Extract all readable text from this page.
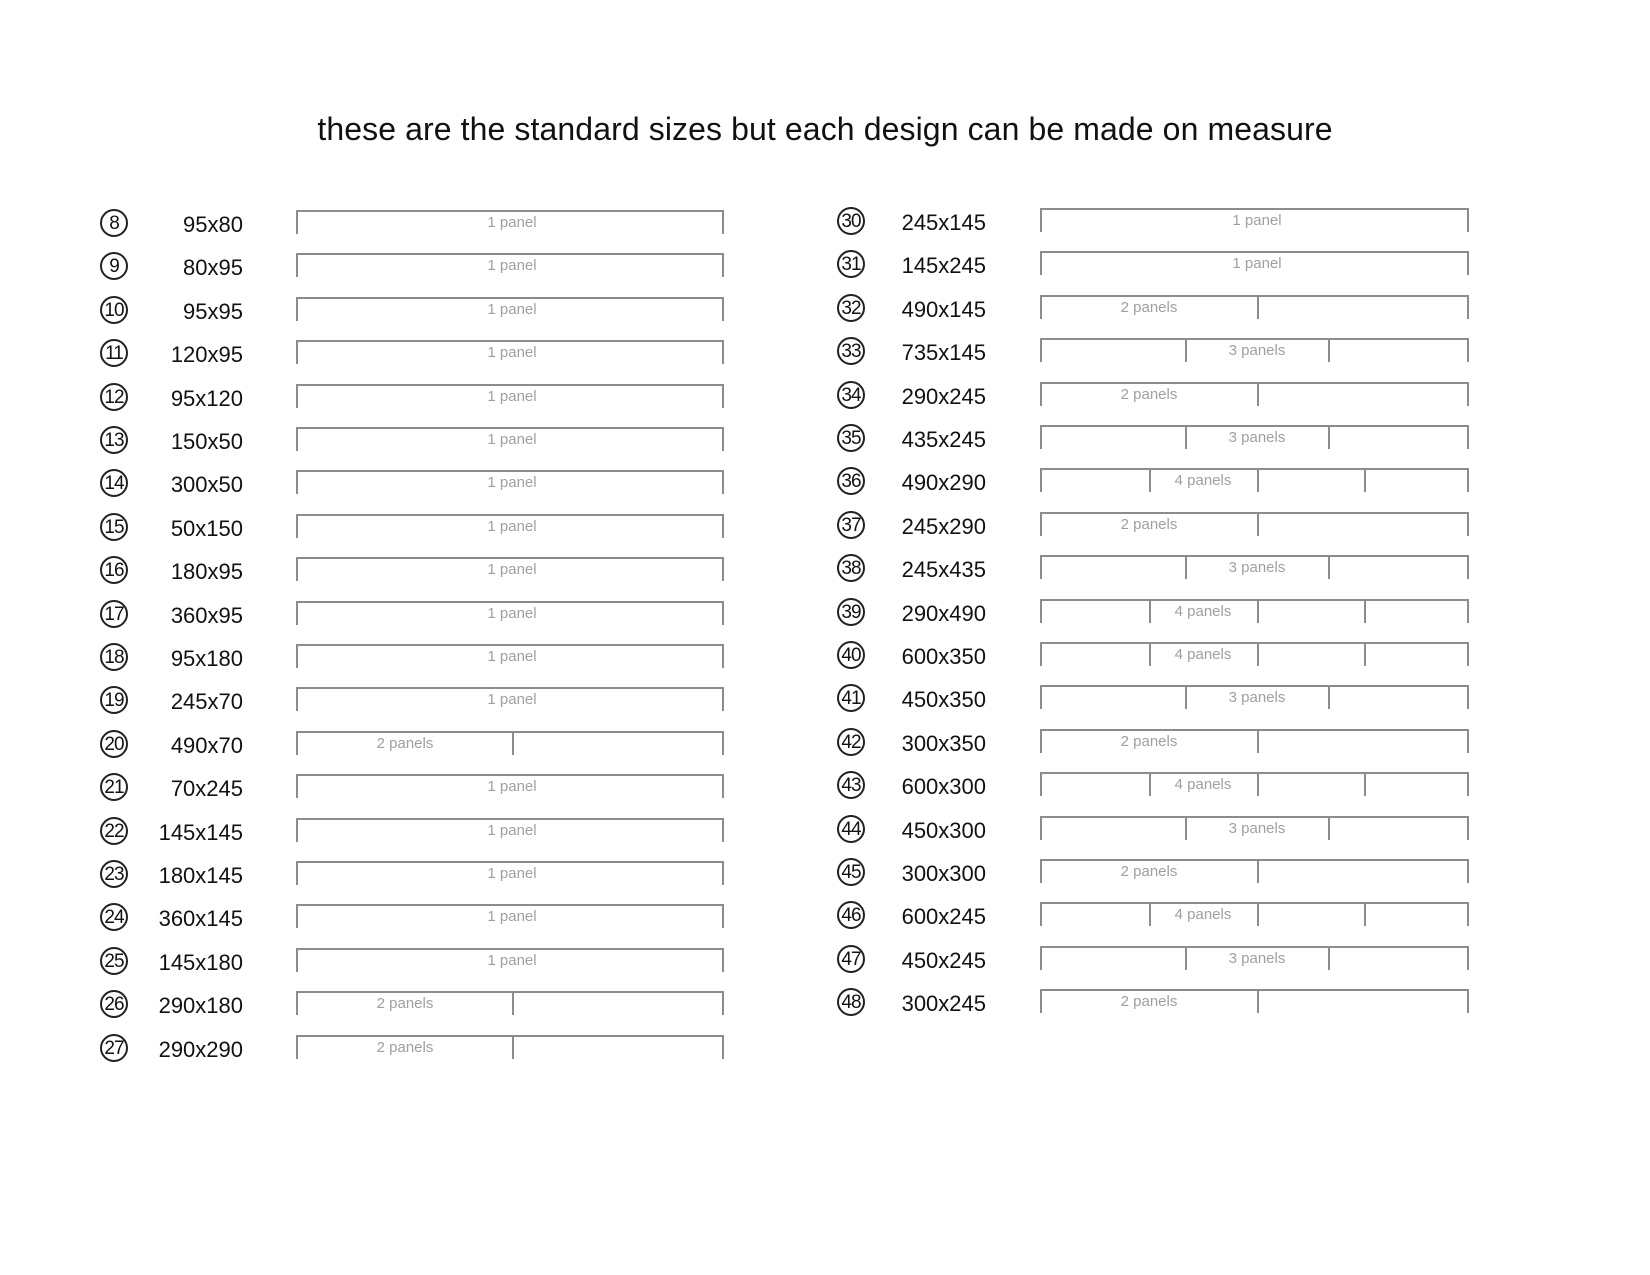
these are the standard sizes but each design can be made on measure
8	95x80	1 panel
9	80x95	1 panel
10	95x95	1 panel
11	120x95	1 panel
12	95x120	1 panel
13	150x50	1 panel
14	300x50	1 panel
15	50x150	1 panel
16	180x95	1 panel
17	360x95	1 panel
18	95x180	1 panel
19	245x70	1 panel
20	490x70	2 panels
21	70x245	1 panel
22	145x145	1 panel
23	180x145	1 panel
24	360x145	1 panel
25	145x180	1 panel
26	290x180	2 panels
27	290x290	2 panels
30	245x145	1 panel
31	145x245	1 panel
32	490x145	2 panels
33	735x145	3 panels
34	290x245	2 panels
35	435x245	3 panels
36	490x290	4 panels
37	245x290	2 panels
38	245x435	3 panels
39	290x490	4 panels
40	600x350	4 panels
41	450x350	3 panels
42	300x350	2 panels
43	600x300	4 panels
44	450x300	3 panels
45	300x300	2 panels
46	600x245	4 panels
47	450x245	3 panels
48	300x245	2 panels
